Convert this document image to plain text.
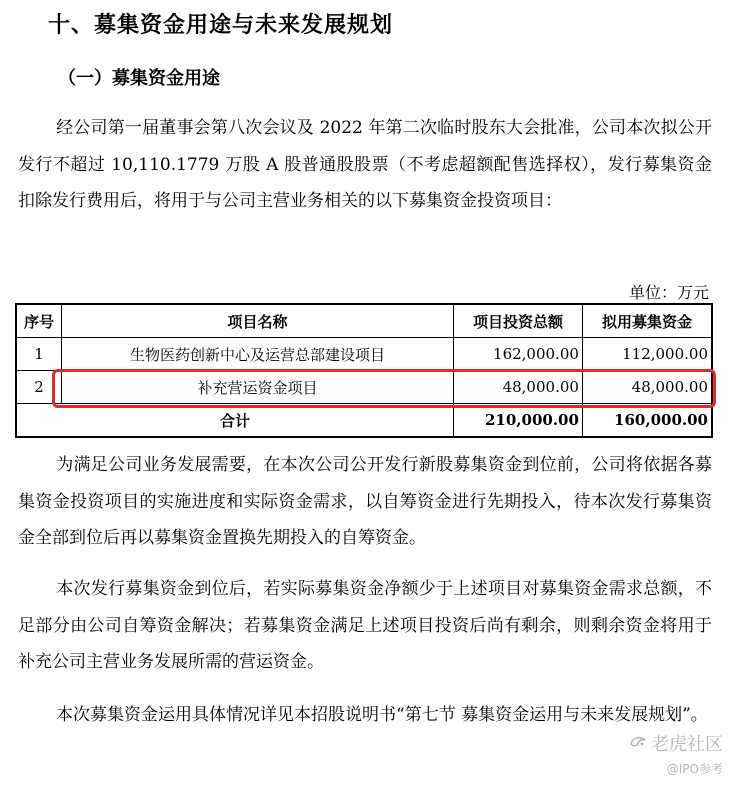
十、募集资金用途与未来发展规划
（一）募集资金用途
经公司第一届董事会第八次会议及 2022 年第二次临时股东大会批准，公司本次拟公开发行不超过 10,110.1779 万股 A 股普通股股票（不考虑超额配售选择权），发行募集资金扣除发行费用后，将用于与公司主营业务相关的以下募集资金投资项目：
单位：万元
序号	项目名称	项目投资总额	拟用募集资金
1	生物医药创新中心及运营总部建设项目	162,000.00	112,000.00
2	补充营运资金项目	48,000.00	48,000.00
合计		210,000.00	160,000.00
为满足公司业务发展需要，在本次公司公开发行新股募集资金到位前，公司将依据各募集资金投资项目的实施进度和实际资金需求，以自筹资金进行先期投入，待本次发行募集资金全部到位后再以募集资金置换先期投入的自筹资金。
本次发行募集资金到位后，若实际募集资金净额少于上述项目对募集资金需求总额，不足部分由公司自筹资金解决；若募集资金满足上述项目投资后尚有剩余，则剩余资金将用于补充公司主营业务发展所需的营运资金。
本次募集资金运用具体情况详见本招股说明书“第七节 募集资金运用与未来发展规划”。
老虎社区
@IPO参考
